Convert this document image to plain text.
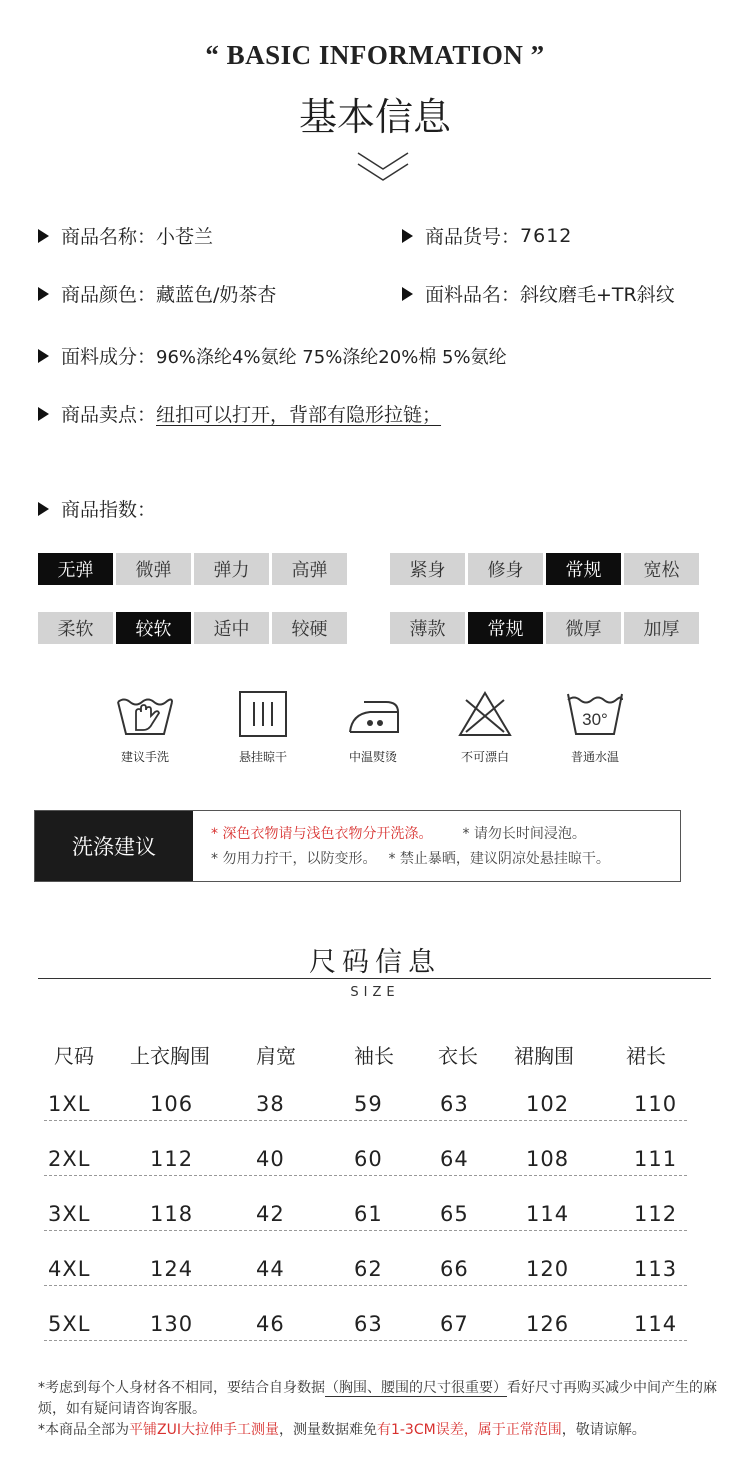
“ BASIC INFORMATION ”
基本信息
商品名称： 小苍兰	商品货号： 7612
商品颜色： 藏蓝色/奶茶杏	面料品名： 斜纹磨毛+TR斜纹
面料成分： 96%涤纶4%氨纶 75%涤纶20%棉 5%氨纶
商品卖点： 纽扣可以打开，背部有隐形拉链；
商品指数：
无弹	微弹	弹力	高弹	紧身	修身	常规	宽松
柔软	较软	适中	较硬	薄款	常规	微厚	加厚
建议手洗	悬挂晾干	中温熨烫	不可漂白
30°
普通水温
洗涤建议
* 深色衣物请与浅色衣物分开洗涤。 * 请勿长时间浸泡。
* 勿用力拧干，以防变形。 * 禁止暴晒，建议阴凉处悬挂晾干。
尺码信息
SIZE
尺码 上衣胸围 肩宽	袖长 衣长 裙胸围	裙长
1XL	106	38	59	63	102	110
2XL	112	40	60	64	108	111
3XL	118	42	61	65	114	112
4XL	124	44	62	66	120	113
5XL	130	46	63	67	126	114
*考虑到每个人身材各不相同，要结合自身数据（胸围、腰围的尺寸很重要）看好尺寸再购买减少中间产生的麻烦，如有疑问请咨询客服。
*本商品全部为平铺ZUI大拉伸手工测量，测量数据难免有1-3CM误差，属于正常范围，敬请谅解。
